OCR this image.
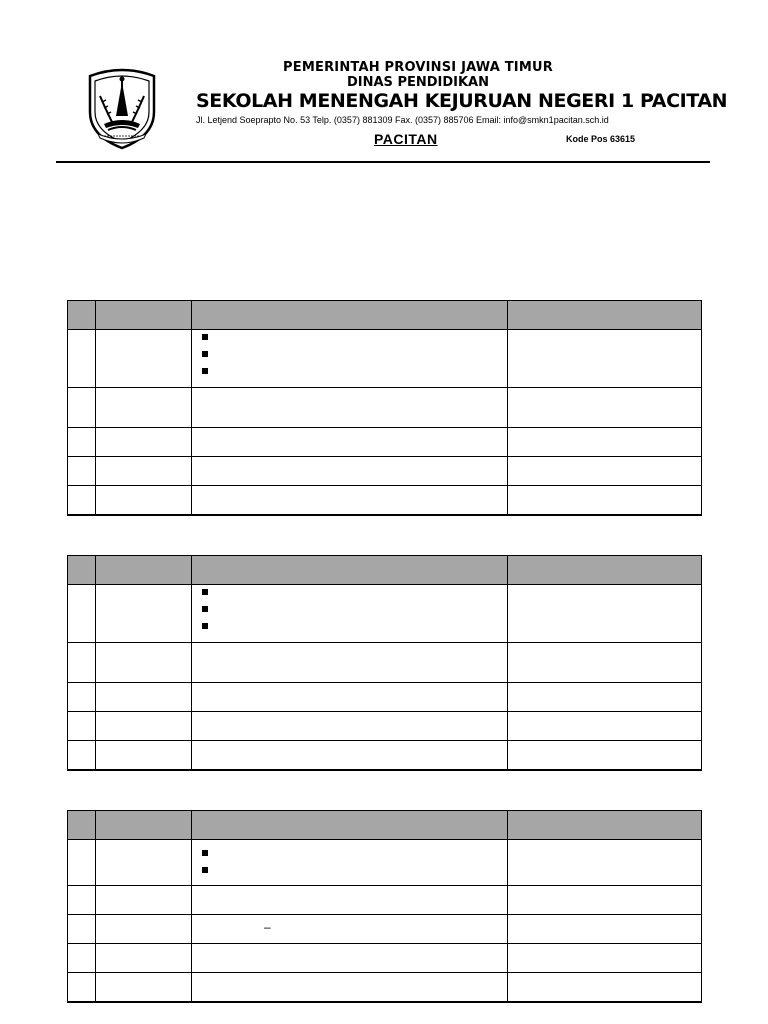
PEMERINTAH PROVINSI JAWA TIMUR
DINAS PENDIDIKAN
SEKOLAH MENENGAH KEJURUAN NEGERI 1 PACITAN
Jl. Letjend Soeprapto No. 53 Telp. (0357) 881309 Fax. (0357) 885706 Email: info@smkn1pacitan.sch.id
PACITAN	Kode Pos 63615

		–	
